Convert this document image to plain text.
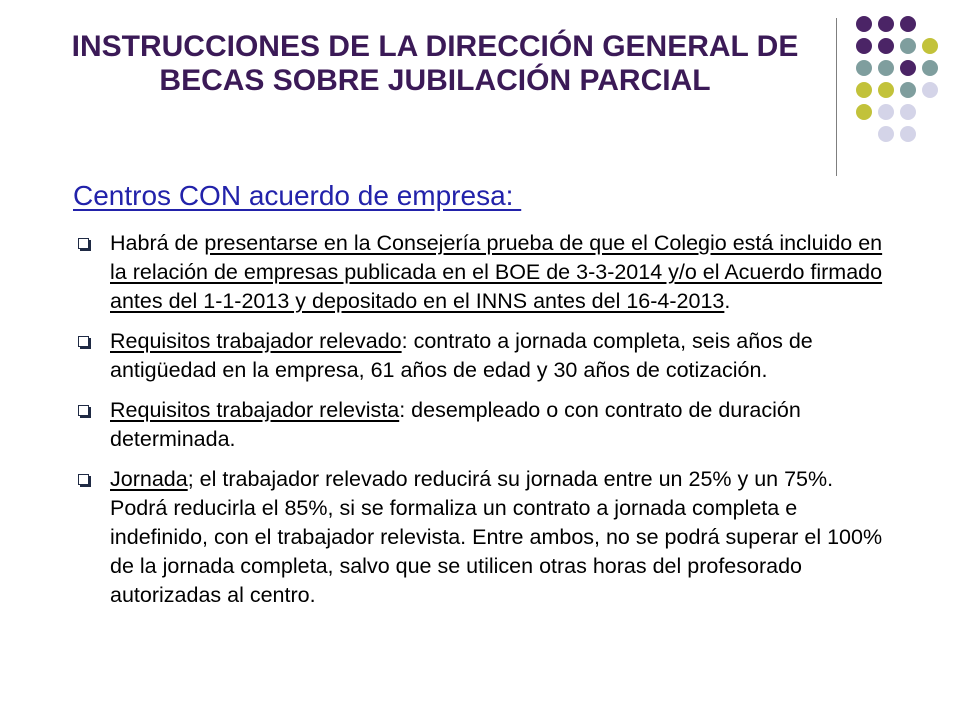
INSTRUCCIONES DE LA DIRECCIÓN GENERAL DE BECAS SOBRE JUBILACIÓN PARCIAL
Centros CON acuerdo de empresa:
Habrá de presentarse en la Consejería prueba de que el Colegio está incluido en la relación de empresas publicada en el BOE de 3-3-2014 y/o el Acuerdo firmado antes del 1-1-2013 y depositado en el INNS antes del 16-4-2013.
Requisitos trabajador relevado: contrato a jornada completa, seis años de antigüedad en la empresa, 61 años de edad y 30 años de cotización.
Requisitos trabajador relevista: desempleado o con contrato de duración determinada.
Jornada; el trabajador relevado reducirá su jornada entre un 25% y un 75%. Podrá reducirla el 85%, si se formaliza un contrato a jornada completa e indefinido, con el trabajador relevista. Entre ambos, no se podrá superar el 100% de la jornada completa, salvo que se utilicen otras horas del profesorado autorizadas al centro.
